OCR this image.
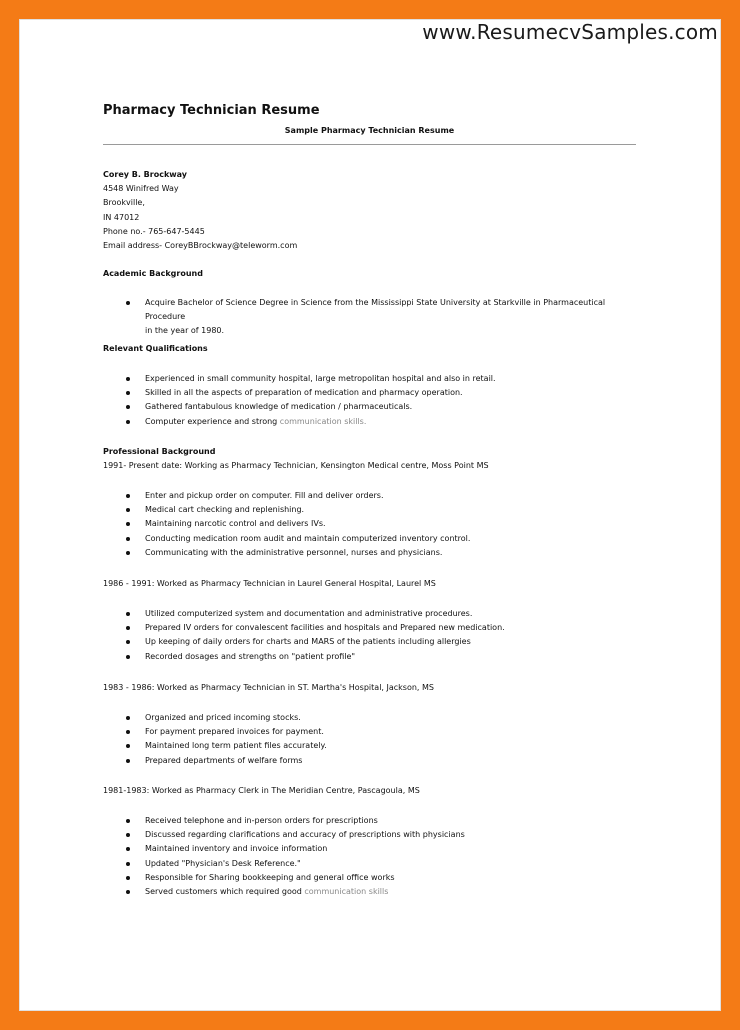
www.ResumecvSamples.com
Pharmacy Technician Resume
Sample Pharmacy Technician Resume
Corey B. Brockway
4548 Winifred Way
Brookville,
IN 47012
Phone no.- 765-647-5445
Email address- CoreyBBrockway@teleworm.com
Academic Background
Acquire Bachelor of Science Degree in Science from the Mississippi State University at Starkville in Pharmaceutical Procedure
in the year of 1980.
Relevant Qualifications
Experienced in small community hospital, large metropolitan hospital and also in retail.
Skilled in all the aspects of preparation of medication and pharmacy operation.
Gathered fantabulous knowledge of medication / pharmaceuticals.
Computer experience and strong communication skills.
Professional Background
1991- Present date: Working as Pharmacy Technician, Kensington Medical centre, Moss Point MS
Enter and pickup order on computer. Fill and deliver orders.
Medical cart checking and replenishing.
Maintaining narcotic control and delivers IVs.
Conducting medication room audit and maintain computerized inventory control.
Communicating with the administrative personnel, nurses and physicians.
1986 - 1991: Worked as Pharmacy Technician in Laurel General Hospital, Laurel MS
Utilized computerized system and documentation and administrative procedures.
Prepared IV orders for convalescent facilities and hospitals and Prepared new medication.
Up keeping of daily orders for charts and MARS of the patients including allergies
Recorded dosages and strengths on "patient profile"
1983 - 1986: Worked as Pharmacy Technician in ST. Martha's Hospital, Jackson, MS
Organized and priced incoming stocks.
For payment prepared invoices for payment.
Maintained long term patient files accurately.
Prepared departments of welfare forms
1981-1983: Worked as Pharmacy Clerk in The Meridian Centre, Pascagoula, MS
Received telephone and in-person orders for prescriptions
Discussed regarding clarifications and accuracy of prescriptions with physicians
Maintained inventory and invoice information
Updated "Physician's Desk Reference."
Responsible for Sharing bookkeeping and general office works
Served customers which required good communication skills
